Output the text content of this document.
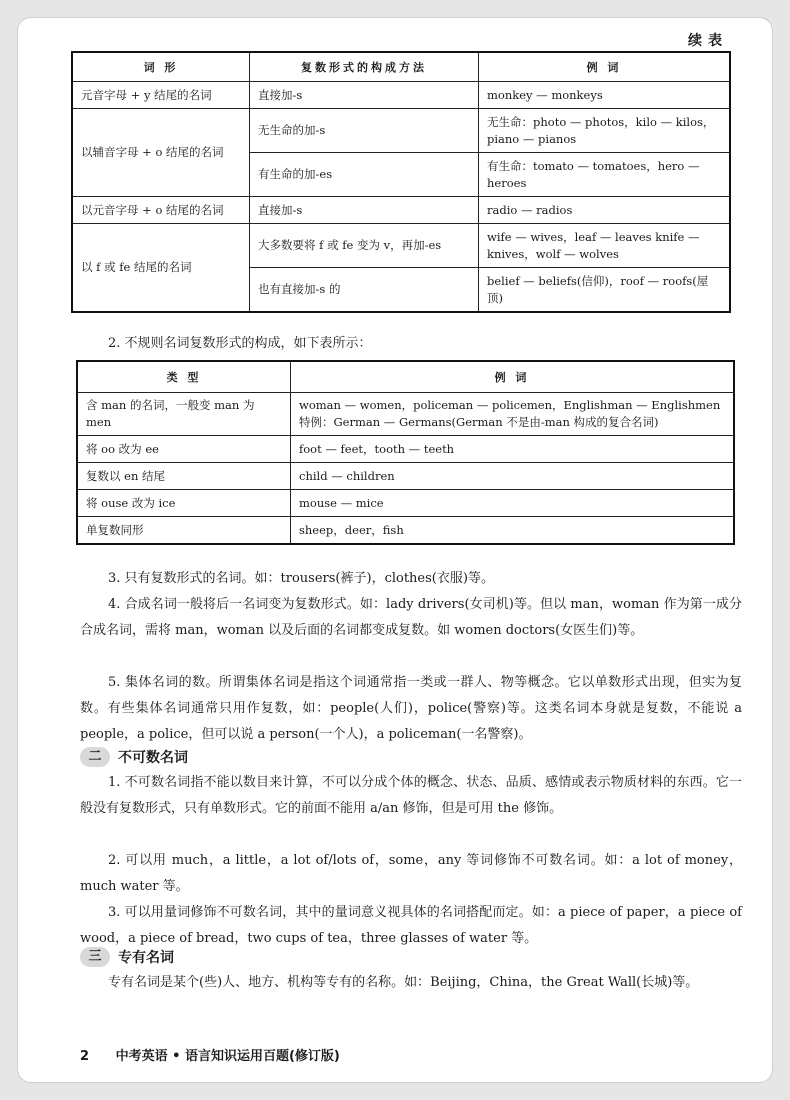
续表
词 形	复数形式的构成方法	例 词
元音字母 + y 结尾的名词	直接加-s	monkey — monkeys
以辅音字母 + o 结尾的名词	无生命的加-s	无生命：photo — photos，kilo — kilos，piano — pianos
	有生命的加-es	有生命：tomato — tomatoes，hero — heroes
以元音字母 + o 结尾的名词	直接加-s	radio — radios
以 f 或 fe 结尾的名词	大多数要将 f 或 fe 变为 v，再加-es	wife — wives，leaf — leaves knife — knives，wolf — wolves
	也有直接加-s 的	belief — beliefs(信仰)，roof — roofs(屋顶)

2. 不规则名词复数形式的构成，如下表所示：

类 型	例 词
含 man 的名词，一般变 man 为 men	woman — women，policeman — policemen，Englishman — Englishmen
特例：German — Germans(German 不是由-man 构成的复合名词)

将 oo 改为 ee	foot — feet，tooth — teeth
复数以 en 结尾	child — children
将 ouse 改为 ice	mouse — mice
单复数同形	sheep，deer，fish

3. 只有复数形式的名词。如：trousers(裤子)，clothes(衣服)等。

4. 合成名词一般将后一名词变为复数形式。如：lady drivers(女司机)等。但以 man，woman 作为第一成分合成名词，需将 man，woman 以及后面的名词都变成复数。如 women doctors(女医生们)等。

5. 集体名词的数。所谓集体名词是指这个词通常指一类或一群人、物等概念。它以单数形式出现，但实为复数。有些集体名词通常只用作复数，如：people(人们)，police(警察)等。这类名词本身就是复数，不能说 a people，a police，但可以说 a person(一个人)，a policeman(一名警察)。

二	不可数名词

1. 不可数名词指不能以数目来计算，不可以分成个体的概念、状态、品质、感情或表示物质材料的东西。它一般没有复数形式，只有单数形式。它的前面不能用 a/an 修饰，但是可用 the 修饰。

2. 可以用 much，a little，a lot of/lots of，some，any 等词修饰不可数名词。如：a lot of money，much water 等。

3. 可以用量词修饰不可数名词，其中的量词意义视具体的名词搭配而定。如：a piece of paper，a piece of wood，a piece of bread，two cups of tea，three glasses of water 等。

三	专有名词

专有名词是某个(些)人、地方、机构等专有的名称。如：Beijing，China，the Great Wall(长城)等。

2 中考英语 • 语言知识运用百题(修订版)
